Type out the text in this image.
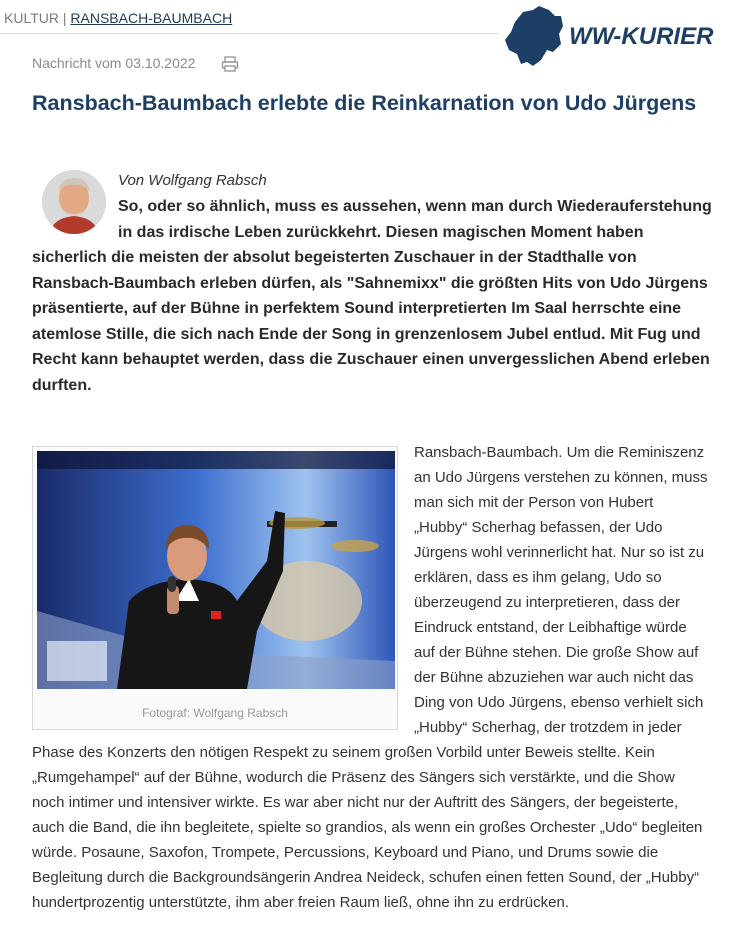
KULTUR | RANSBACH-BAUMBACH
WW-KURIER
Nachricht vom 03.10.2022
Ransbach-Baumbach erlebte die Reinkarnation von Udo Jürgens

Von Wolfgang Rabsch

So, oder so ähnlich, muss es aussehen, wenn man durch Wiederauferstehung in das irdische Leben zurückkehrt. Diesen magischen Moment haben sicherlich die meisten der absolut begeisterten Zuschauer in der Stadthalle von Ransbach-Baumbach erleben dürfen, als "Sahnemixx" die größten Hits von Udo Jürgens präsentierte, auf der Bühne in perfektem Sound interpretierten Im Saal herrschte eine atemlose Stille, die sich nach Ende der Song in grenzenlosem Jubel entlud. Mit Fug und Recht kann behauptet werden, dass die Zuschauer einen unvergesslichen Abend erleben durften.

Fotograf: Wolfgang Rabsch

Ransbach-Baumbach. Um die Reminiszenz an Udo Jürgens verstehen zu können, muss man sich mit der Person von Hubert „Hubby“ Scherhag befassen, der Udo Jürgens wohl verinnerlicht hat. Nur so ist zu erklären, dass es ihm gelang, Udo so überzeugend zu interpretieren, dass der Eindruck entstand, der Leibhaftige würde auf der Bühne stehen. Die große Show auf der Bühne abzuziehen war auch nicht das Ding von Udo Jürgens, ebenso verhielt sich „Hubby“ Scherhag, der trotzdem in jeder Phase des Konzerts den nötigen Respekt zu seinem großen Vorbild unter Beweis stellte. Kein „Rumgehampel“ auf der Bühne, wodurch die Präsenz des Sängers sich verstärkte, und die Show noch intimer und intensiver wirkte. Es war aber nicht nur der Auftritt des Sängers, der begeisterte, auch die Band, die ihn begleitete, spielte so grandios, als wenn ein großes Orchester „Udo“ begleiten würde. Posaune, Saxofon, Trompete, Percussions, Keyboard und Piano, und Drums sowie die Begleitung durch die Backgroundsängerin Andrea Neideck, schufen einen fetten Sound, der „Hubby“ hundertprozentig unterstützte, ihm aber freien Raum ließ, ohne ihn zu erdrücken.
